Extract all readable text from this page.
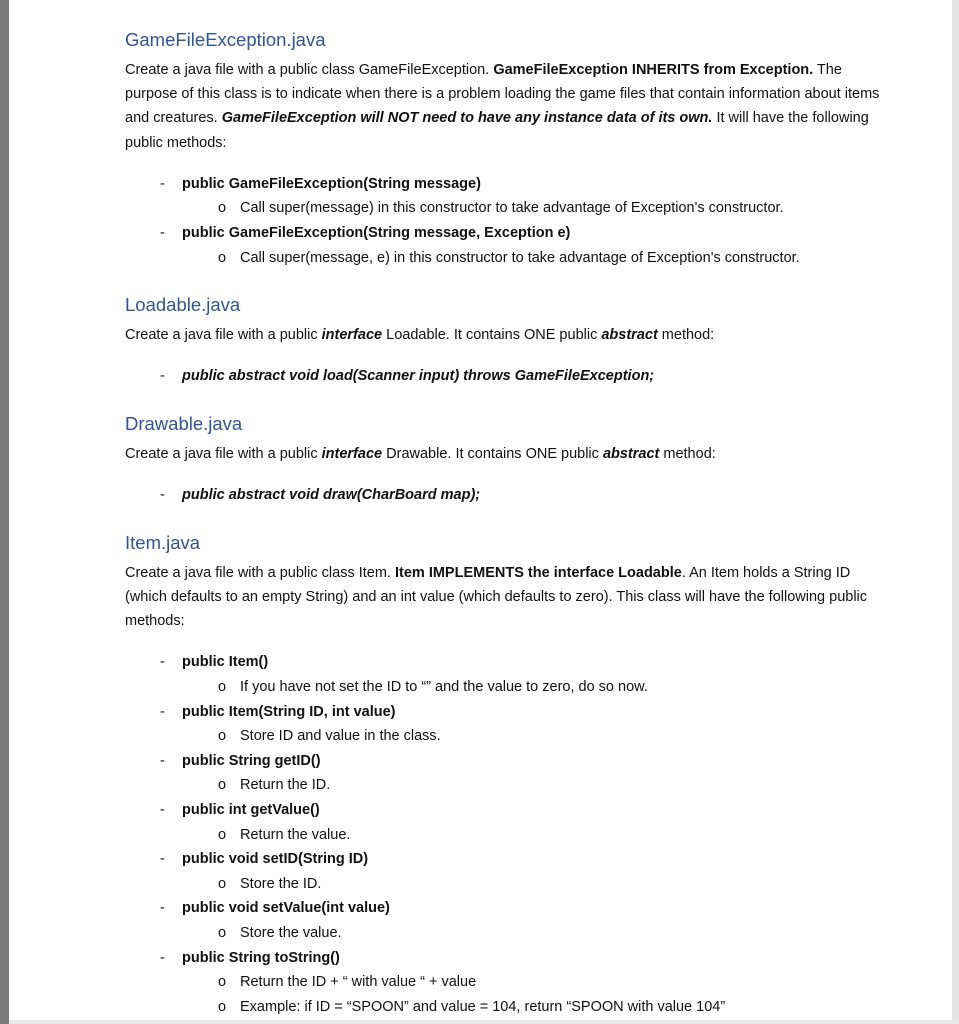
GameFileException.java

Create a java file with a public class GameFileException. GameFileException INHERITS from Exception. The purpose of this class is to indicate when there is a problem loading the game files that contain information about items and creatures. GameFileException will NOT need to have any instance data of its own. It will have the following public methods:

- public GameFileException(String message)
o Call super(message) in this constructor to take advantage of Exception's constructor.
- public GameFileException(String message, Exception e)
o Call super(message, e) in this constructor to take advantage of Exception's constructor.
Loadable.java

Create a java file with a public interface Loadable. It contains ONE public abstract method:

- public abstract void load(Scanner input) throws GameFileException;
Drawable.java

Create a java file with a public interface Drawable. It contains ONE public abstract method:

- public abstract void draw(CharBoard map);
Item.java

Create a java file with a public class Item. Item IMPLEMENTS the interface Loadable. An Item holds a String ID (which defaults to an empty String) and an int value (which defaults to zero). This class will have the following public methods:

- public Item()
o If you have not set the ID to “” and the value to zero, do so now.
- public Item(String ID, int value)
o Store ID and value in the class.
- public String getID()
o Return the ID.
- public int getValue()
o Return the value.
- public void setID(String ID)
o Store the ID.
- public void setValue(int value)
o Store the value.
- public String toString()
o Return the ID + “ with value “ + value
o Example: if ID = “SPOON” and value = 104, return “SPOON with value 104”
